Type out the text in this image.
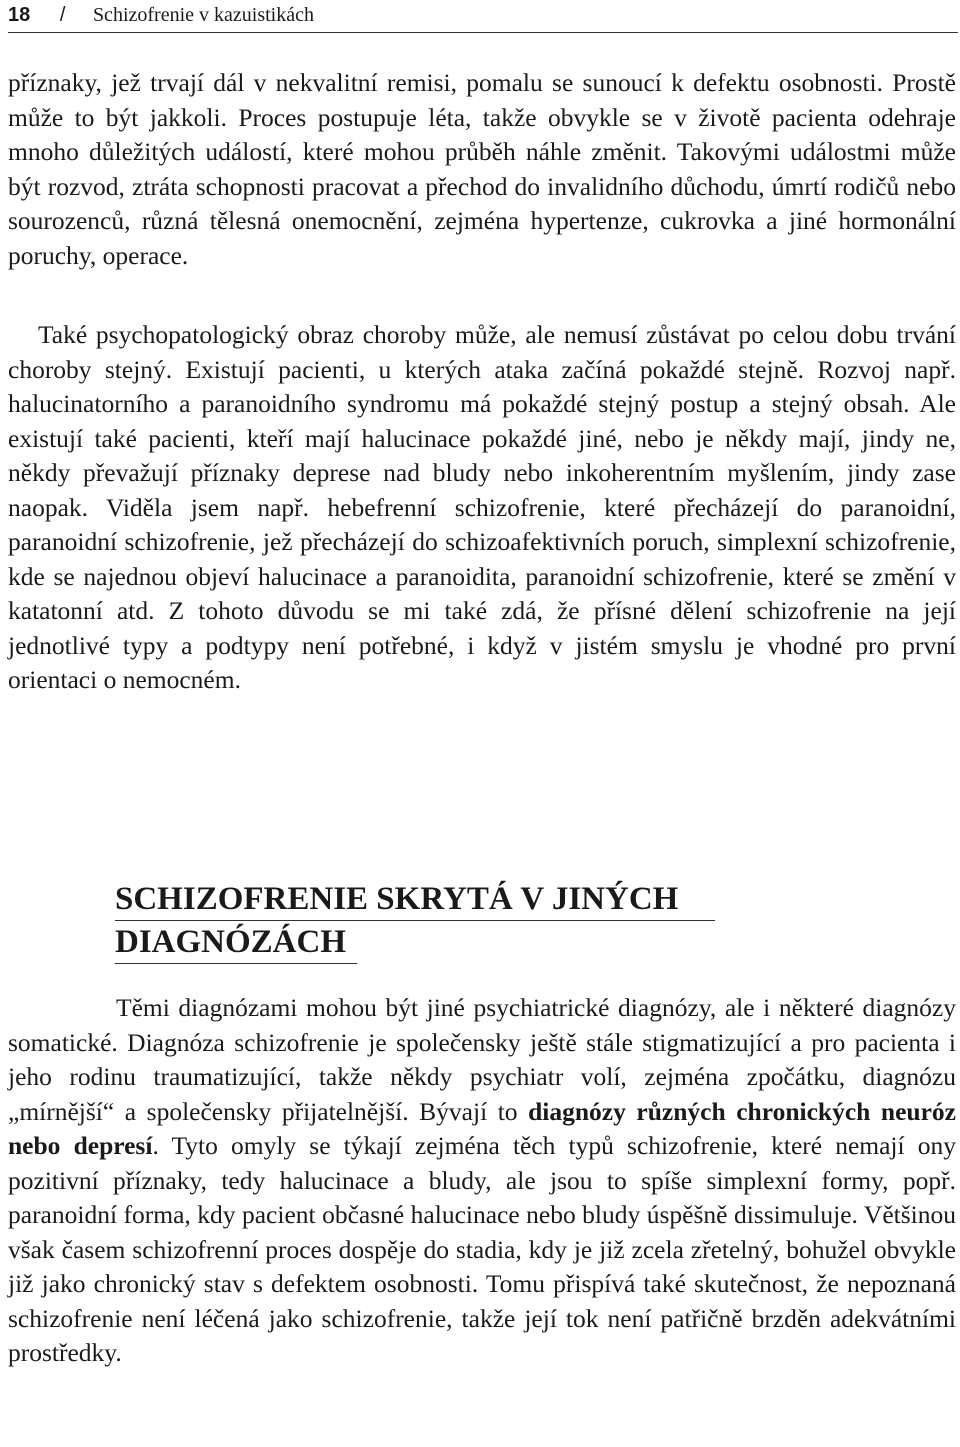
18 / Schizofrenie v kazuistikách

příznaky, jež trvají dál v nekvalitní remisi, pomalu se sunoucí k defektu osobnosti. Prostě může to být jakkoli. Proces postupuje léta, takže obvykle se v životě pacienta odehraje mnoho důležitých událostí, které mohou průběh náhle změnit. Takovými událostmi může být rozvod, ztráta schopnosti pracovat a přechod do invalidního důchodu, úmrtí rodičů nebo sourozenců, různá tělesná onemocnění, zejména hypertenze, cukrovka a jiné hormonální poruchy, operace.

Také psychopatologický obraz choroby může, ale nemusí zůstávat po celou dobu trvání choroby stejný. Existují pacienti, u kterých ataka začíná pokaždé stejně. Rozvoj např. halucinatorního a paranoidního syndromu má pokaždé stejný postup a stejný obsah. Ale existují také pacienti, kteří mají halucinace pokaždé jiné, nebo je někdy mají, jindy ne, někdy převažují příznaky deprese nad bludy nebo inkoherentním myšlením, jindy zase naopak. Viděla jsem např. hebefrenní schizofrenie, které přecházejí do paranoidní, paranoidní schizofrenie, jež přecházejí do schizoafektivních poruch, simplexní schizofrenie, kde se najednou objeví halucinace a paranoidita, paranoidní schizofrenie, které se změní v katatonní atd. Z tohoto důvodu se mi také zdá, že přísné dělení schizofrenie na její jednotlivé typy a podtypy není potřebné, i když v jistém smyslu je vhodné pro první orientaci o nemocném.

SCHIZOFRENIE SKRYTÁ V JINÝCH
DIAGNÓZÁCH

Těmi diagnózami mohou být jiné psychiatrické diagnózy, ale i některé diagnózy somatické. Diagnóza schizofrenie je společensky ještě stále stigmatizující a pro pacienta i jeho rodinu traumatizující, takže někdy psychiatr volí, zejména zpočátku, diagnózu „mírnější“ a společensky přijatelnější. Bývají to diagnózy různých chronických neuróz nebo depresí. Tyto omyly se týkají zejména těch typů schizofrenie, které nemají ony pozitivní příznaky, tedy halucinace a bludy, ale jsou to spíše simplexní formy, popř. paranoidní forma, kdy pacient občasné halucinace nebo bludy úspěšně dissimuluje. Většinou však časem schizofrenní proces dospěje do stadia, kdy je již zcela zřetelný, bohužel obvykle již jako chronický stav s defektem osobnosti. Tomu přispívá také skutečnost, že nepoznaná schizofrenie není léčená jako schizofrenie, takže její tok není patřičně brzděn adekvátními prostředky.
